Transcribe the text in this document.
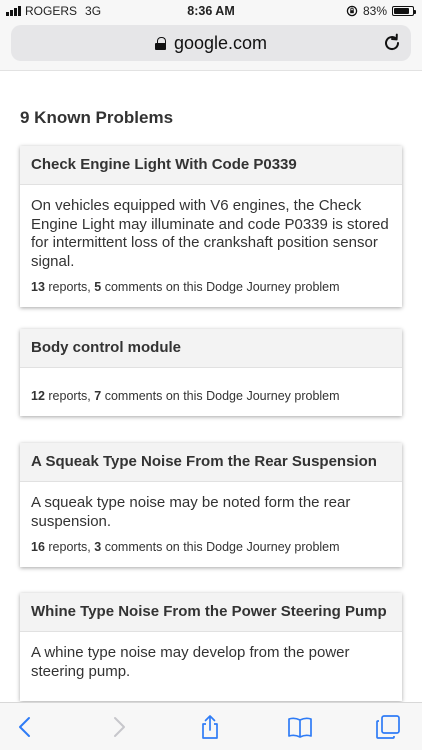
ROGERS 3G	8:36 AM	83%
google.com
9 Known Problems
Check Engine Light With Code P0339
On vehicles equipped with V6 engines, the Check Engine Light may illuminate and code P0339 is stored for intermittent loss of the crankshaft position sensor signal.
13 reports, 5 comments on this Dodge Journey problem
Body control module
12 reports, 7 comments on this Dodge Journey problem
A Squeak Type Noise From the Rear Suspension
A squeak type noise may be noted form the rear suspension.
16 reports, 3 comments on this Dodge Journey problem
Whine Type Noise From the Power Steering Pump
A whine type noise may develop from the power steering pump.
